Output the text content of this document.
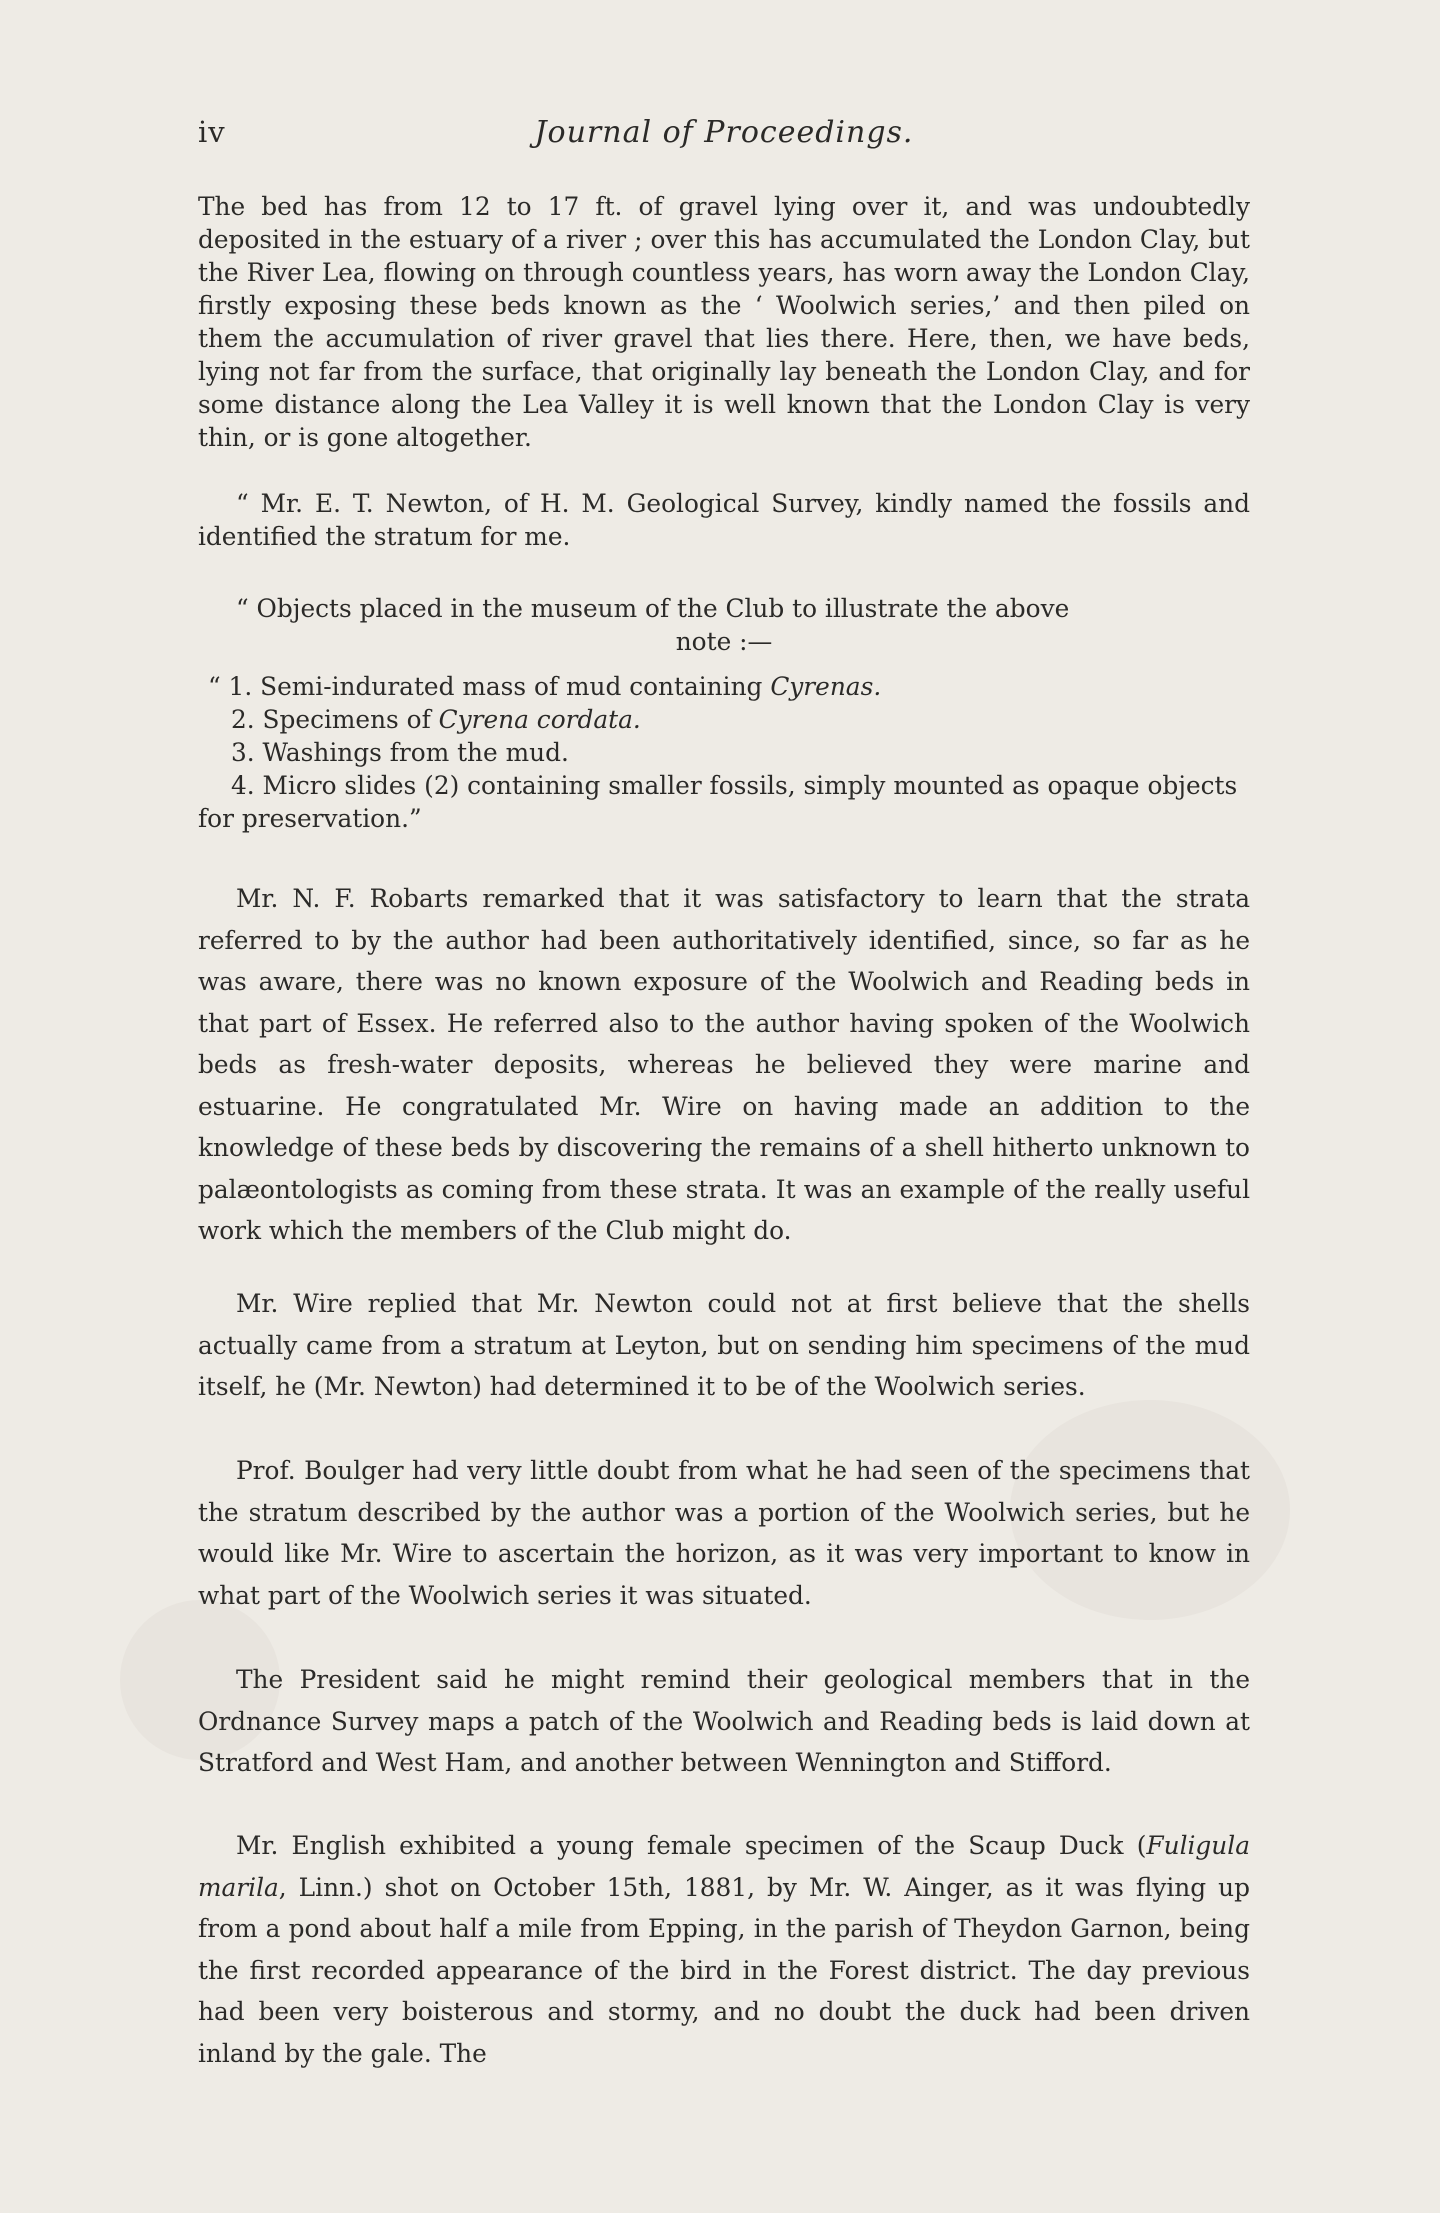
iv	Journal of Proceedings.

The bed has from 12 to 17 ft. of gravel lying over it, and was undoubtedly deposited in the estuary of a river ; over this has accumulated the London Clay, but the River Lea, flowing on through countless years, has worn away the London Clay, firstly exposing these beds known as the ‘ Woolwich series,’ and then piled on them the accumulation of river gravel that lies there. Here, then, we have beds, lying not far from the surface, that originally lay beneath the London Clay, and for some distance along the Lea Valley it is well known that the London Clay is very thin, or is gone altogether.

“ Mr. E. T. Newton, of H. M. Geological Survey, kindly named the fossils and identified the stratum for me.

“ Objects placed in the museum of the Club to illustrate the above

note :—

“ 1. Semi-indurated mass of mud containing Cyrenas.
2. Specimens of Cyrena cordata.
3. Washings from the mud.
4. Micro slides (2) containing smaller fossils, simply mounted as opaque objects for preservation.”

Mr. N. F. Robarts remarked that it was satisfactory to learn that the strata referred to by the author had been authoritatively identified, since, so far as he was aware, there was no known exposure of the Woolwich and Reading beds in that part of Essex. He referred also to the author having spoken of the Woolwich beds as fresh-water deposits, whereas he believed they were marine and estuarine. He congratulated Mr. Wire on having made an addition to the knowledge of these beds by discovering the remains of a shell hitherto unknown to palæontologists as coming from these strata. It was an example of the really useful work which the members of the Club might do.

Mr. Wire replied that Mr. Newton could not at first believe that the shells actually came from a stratum at Leyton, but on sending him specimens of the mud itself, he (Mr. Newton) had determined it to be of the Woolwich series.

Prof. Boulger had very little doubt from what he had seen of the specimens that the stratum described by the author was a portion of the Woolwich series, but he would like Mr. Wire to ascertain the horizon, as it was very important to know in what part of the Woolwich series it was situated.

The President said he might remind their geological members that in the Ordnance Survey maps a patch of the Woolwich and Reading beds is laid down at Stratford and West Ham, and another between Wennington and Stifford.

Mr. English exhibited a young female specimen of the Scaup Duck (Fuligula marila, Linn.) shot on October 15th, 1881, by Mr. W. Ainger, as it was flying up from a pond about half a mile from Epping, in the parish of Theydon Garnon, being the first recorded appearance of the bird in the Forest district. The day previous had been very boisterous and stormy, and no doubt the duck had been driven inland by the gale. The
